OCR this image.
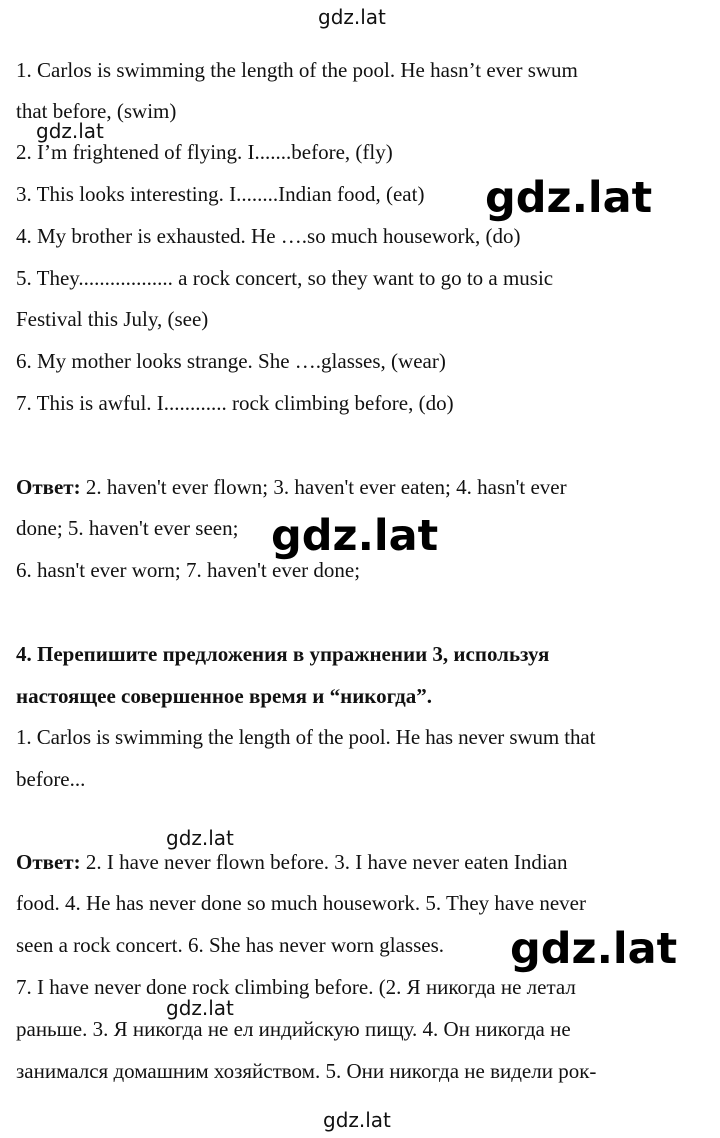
gdz.lat
1. Carlos is swimming the length of the pool. He hasn’t ever swum
that before, (swim)
gdz.lat
2. I’m frightened of flying. I.......before, (fly)
3. This looks interesting. I........Indian food, (eat) gdz.lat
4. My brother is exhausted. He ….so much housework, (do)
5. They.................. a rock concert, so they want to go to a music
Festival this July, (see)
6. My mother looks strange. She ….glasses, (wear)
7. This is awful. I............ rock climbing before, (do)
Ответ: 2. haven't ever flown; 3. haven't ever eaten; 4. hasn't ever
done; 5. haven't ever seen; gdz.lat
6. hasn't ever worn; 7. haven't ever done;
4. Перепишите предложения в упражнении 3, используя
настоящее совершенное время и “никогда”.
1. Carlos is swimming the length of the pool. He has never swum that
before...
gdz.lat
Ответ: 2. I have never flown before. 3. I have never eaten Indian
food. 4. He has never done so much housework. 5. They have never
seen a rock concert. 6. She has never worn glasses. gdz.lat
7. I have never done rock climbing before. (2. Я никогда не летал
gdz.lat
раньше. 3. Я никогда не ел индийскую пищу. 4. Он никогда не
занимался домашним хозяйством. 5. Они никогда не видели рок-
gdz.lat
